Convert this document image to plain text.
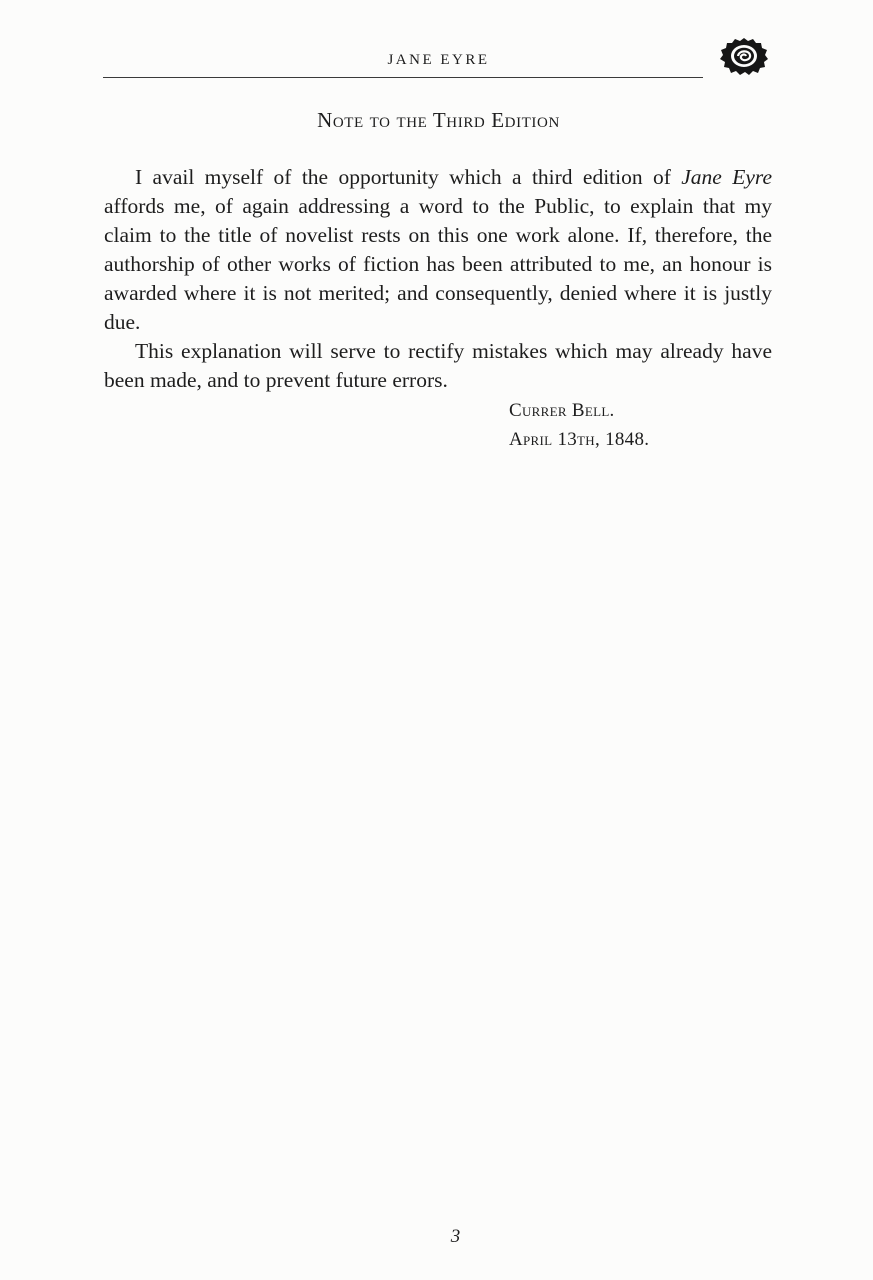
JANE EYRE
Note to the Third Edition

I avail myself of the opportunity which a third edition of Jane Eyre affords me, of again addressing a word to the Public, to explain that my claim to the title of novelist rests on this one work alone. If, therefore, the authorship of other works of fiction has been attributed to me, an honour is awarded where it is not merited; and consequently, denied where it is justly due.

This explanation will serve to rectify mistakes which may already have been made, and to prevent future errors.

Currer Bell.
April 13th, 1848.
3
